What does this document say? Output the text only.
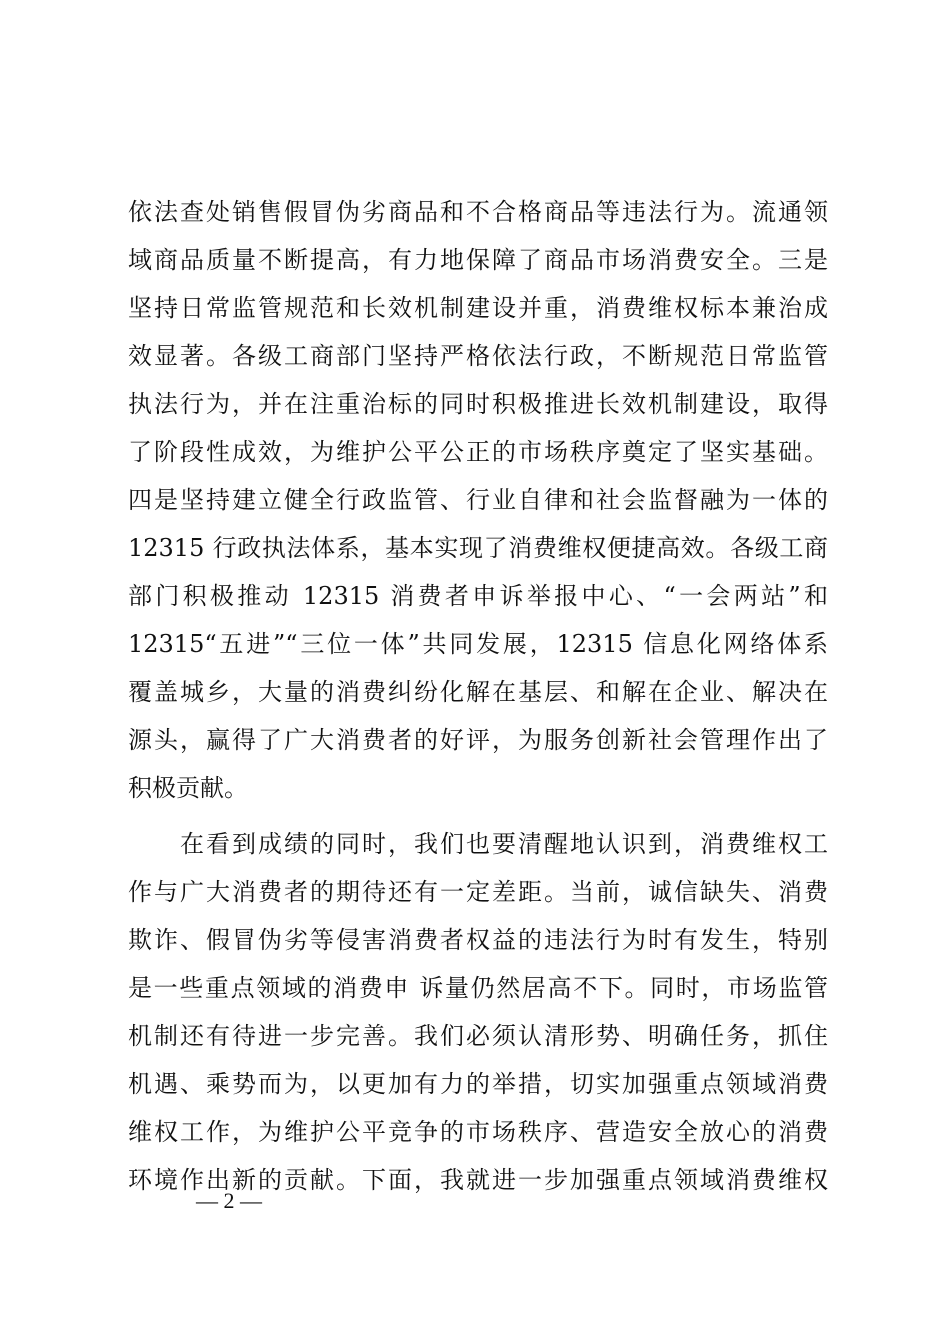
依法查处销售假冒伪劣商品和不合格商品等违法行为。流通领
域商品质量不断提高，有力地保障了商品市场消费安全。三是
坚持日常监管规范和长效机制建设并重，消费维权标本兼治成
效显著。各级工商部门坚持严格依法行政，不断规范日常监管
执法行为，并在注重治标的同时积极推进长效机制建设，取得
了阶段性成效，为维护公平公正的市场秩序奠定了坚实基础。
四是坚持建立健全行政监管、行业自律和社会监督融为一体的
12315 行政执法体系，基本实现了消费维权便捷高效。各级工商
部门积极推动 12315 消费者申诉举报中心、“一会两站”和
12315“五进”“三位一体”共同发展，12315 信息化网络体系
覆盖城乡，大量的消费纠纷化解在基层、和解在企业、解决在
源头，赢得了广大消费者的好评，为服务创新社会管理作出了
积极贡献。
　　在看到成绩的同时，我们也要清醒地认识到，消费维权工
作与广大消费者的期待还有一定差距。当前，诚信缺失、消费
欺诈、假冒伪劣等侵害消费者权益的违法行为时有发生，特别
是一些重点领域的消费申 诉量仍然居高不下。同时，市场监管
机制还有待进一步完善。我们必须认清形势、明确任务，抓住
机遇、乘势而为，以更加有力的举措，切实加强重点领域消费
维权工作，为维护公平竞争的市场秩序、营造安全放心的消费
环境作出新的贡献。下面，我就进一步加强重点领域消费维权
— 2 —
